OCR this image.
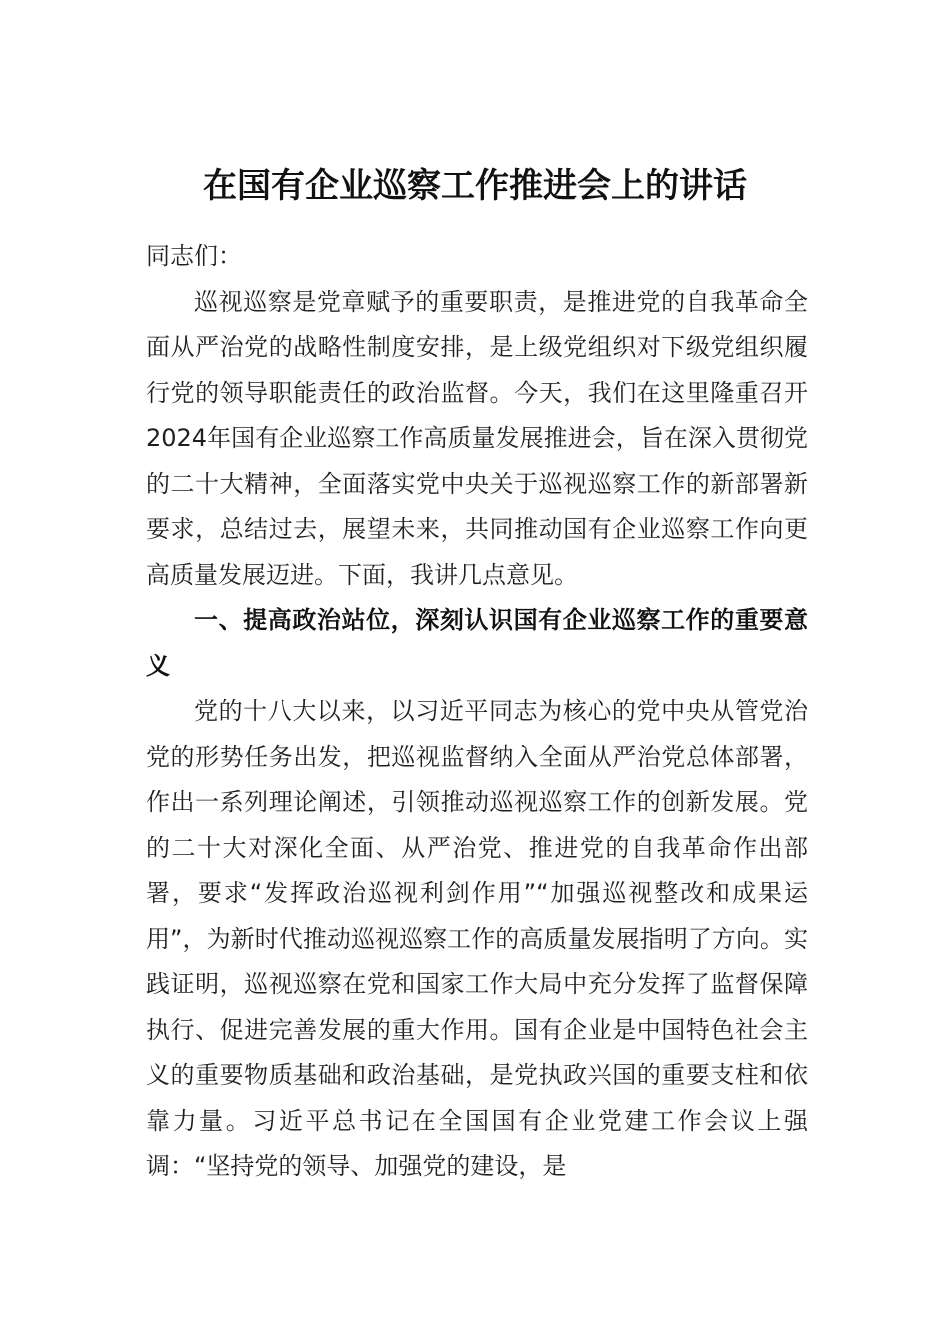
在国有企业巡察工作推进会上的讲话

同志们：

巡视巡察是党章赋予的重要职责，是推进党的自我革命全面从严治党的战略性制度安排，是上级党组织对下级党组织履行党的领导职能责任的政治监督。今天，我们在这里隆重召开2024年国有企业巡察工作高质量发展推进会，旨在深入贯彻党的二十大精神，全面落实党中央关于巡视巡察工作的新部署新要求，总结过去，展望未来，共同推动国有企业巡察工作向更高质量发展迈进。下面，我讲几点意见。

一、提高政治站位，深刻认识国有企业巡察工作的重要意义

党的十八大以来，以习近平同志为核心的党中央从管党治党的形势任务出发，把巡视监督纳入全面从严治党总体部署，作出一系列理论阐述，引领推动巡视巡察工作的创新发展。党的二十大对深化全面、从严治党、推进党的自我革命作出部署，要求“发挥政治巡视利剑作用”“加强巡视整改和成果运用”，为新时代推动巡视巡察工作的高质量发展指明了方向。实践证明，巡视巡察在党和国家工作大局中充分发挥了监督保障执行、促进完善发展的重大作用。国有企业是中国特色社会主义的重要物质基础和政治基础，是党执政兴国的重要支柱和依靠力量。习近平总书记在全国国有企业党建工作会议上强调：“坚持党的领导、加强党的建设，是
